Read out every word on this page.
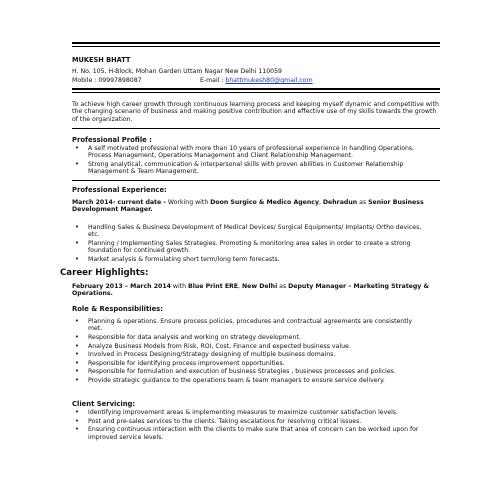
MUKESH BHATT
H. No. 105, H-Block, Mohan Garden Uttam Nagar New Delhi 110059
Mobile : 09997898087	E-mail : bhattmukesh80@gmail.com
To achieve high career growth through continuous learning process and keeping myself dynamic and competitive with the changing scenario of business and making positive contribution and effective use of my skills towards the growth of the organization.
Professional Profile :
• A self motivated professional with more than 10 years of professional experience in handling Operations, Process Management, Operations Management and Client Relationship Management.
• Strong analytical, communication & interpersonal skills with proven abilities in Customer Relationship Management & Team Management.
Professional Experience:
March 2014- current date - Working with Doon Surgico & Medico Agency, Dehradun as Senior Business Development Manager.
• Handling Sales & Business Development of Medical Devices/ Surgical Equipments/ Implants/ Ortho devices, etc.
• Planning / Implementing Sales Strategies. Promoting & monitoring area sales in order to create a strong foundation for continued growth.
• Market analysis & formulating short term/long term forecasts.
Career Highlights:
February 2013 – March 2014 with Blue Print ERE, New Delhi as Deputy Manager – Marketing Strategy & Operations.
Role & Responsibilities:
• Planning & operations. Ensure process policies, procedures and contractual agreements are consistently met.
• Responsible for data analysis and working on strategy development.
• Analyze Business Models from Risk, ROI, Cost, Finance and expected business value.
• Involved in Process Designing/Strategy designing of multiple business domains.
• Responsible for identifying process improvement opportunities.
• Responsible for formulation and execution of business Strategies , business processes and policies.
• Provide strategic guidance to the operations team & team managers to ensure service delivery.
Client Servicing:
• Identifying improvement areas & implementing measures to maximize customer satisfaction levels.
• Post and pre-sales services to the clients. Taking escalations for resolving critical issues.
• Ensuring continuous interaction with the clients to make sure that area of concern can be worked upon for improved service levels.
